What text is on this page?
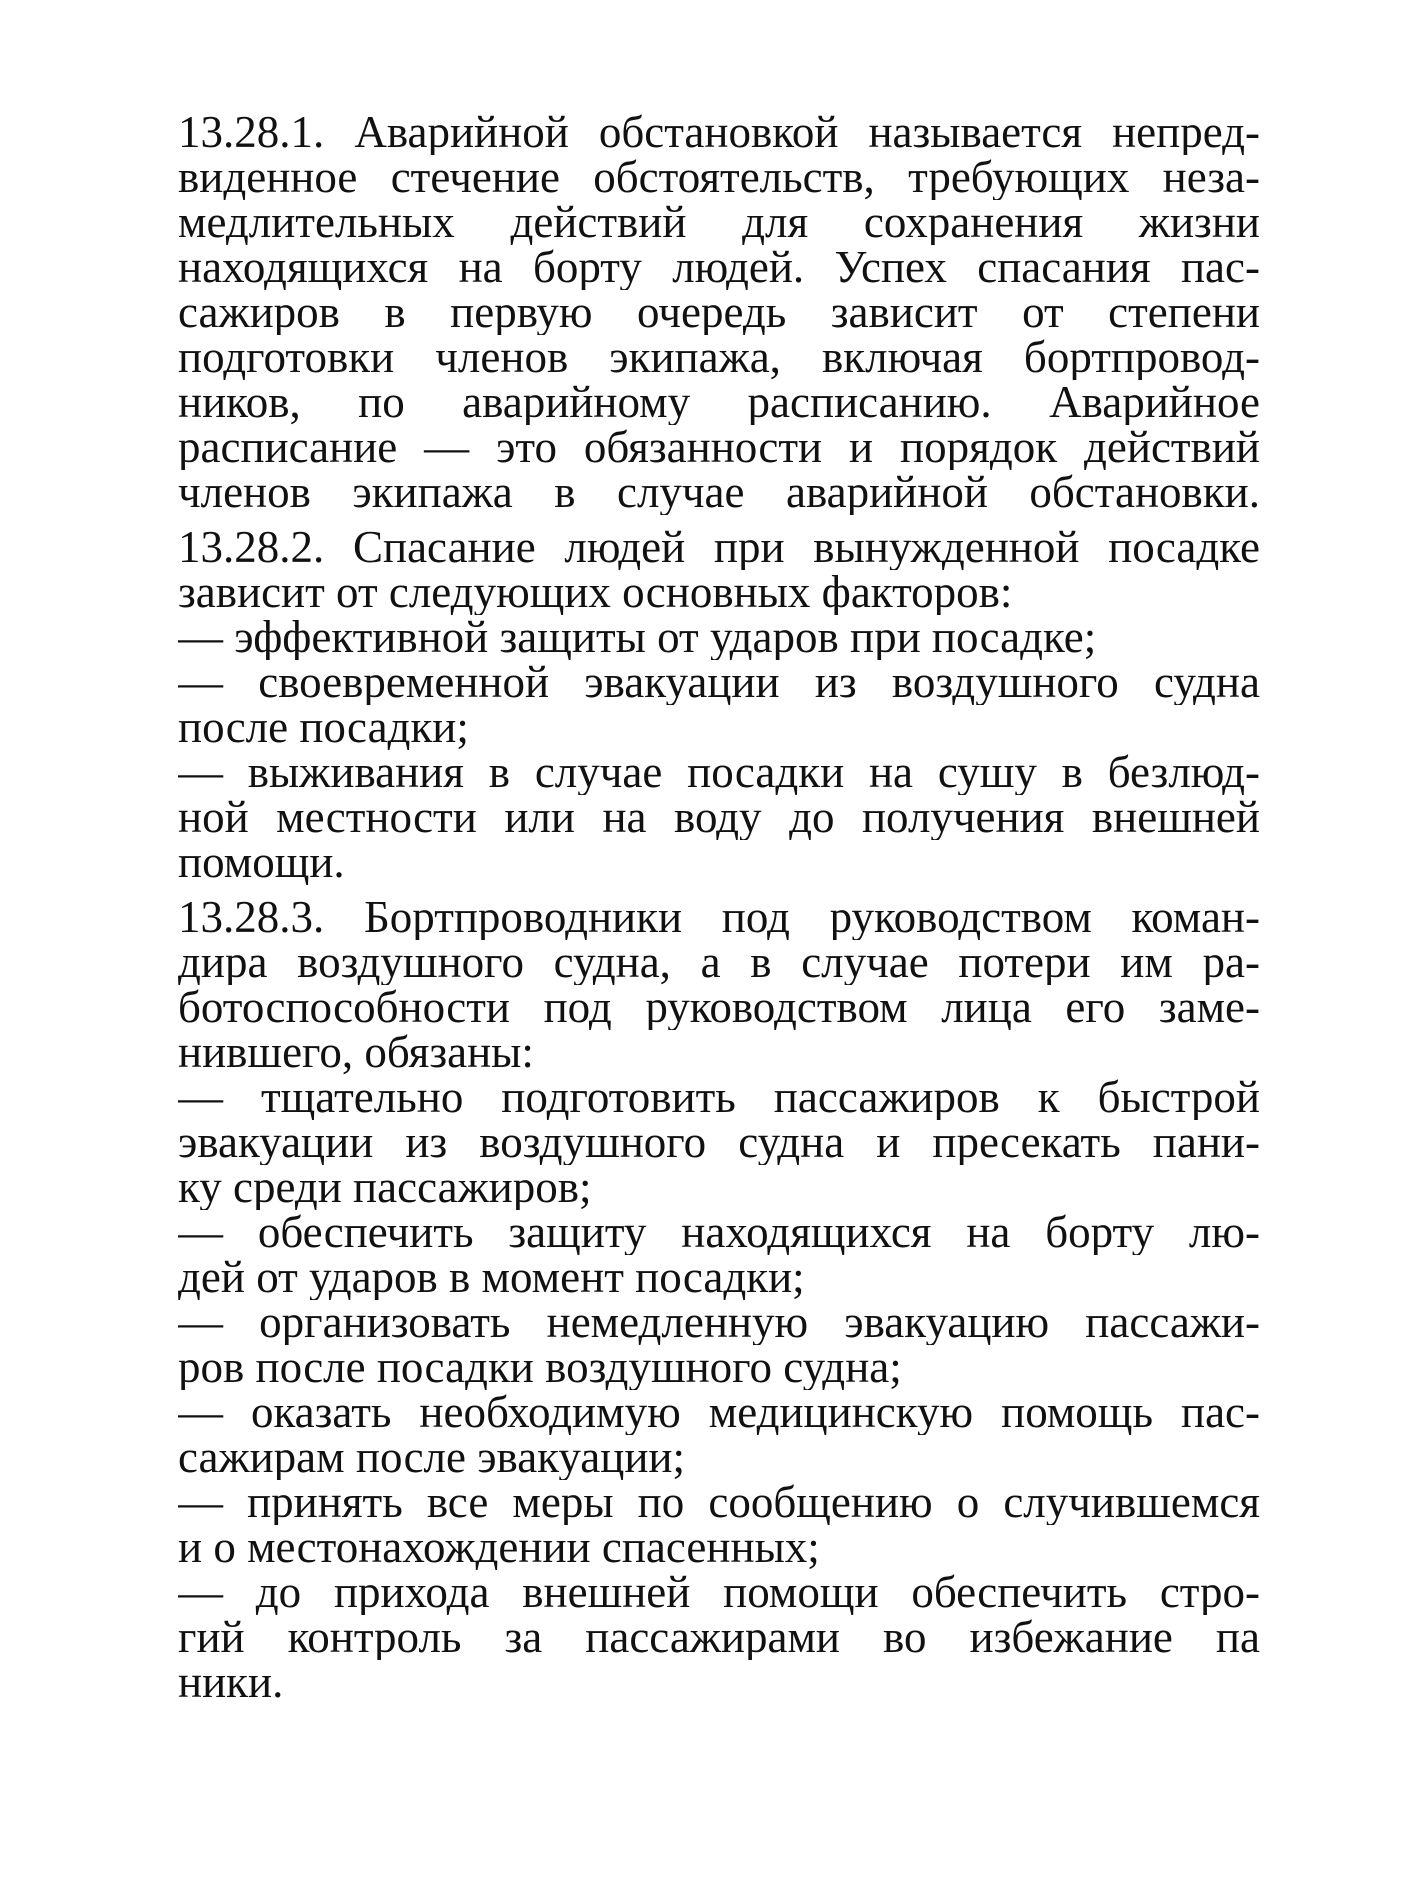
13.28.1. Аварийной обстановкой называется непред-
виденное стечение обстоятельств, требующих неза-
медлительных действий для сохранения жизни
находящихся на борту людей. Успех спасания пас-
сажиров в первую очередь зависит от степени
подготовки членов экипажа, включая бортпровод-
ников, по аварийному расписанию. Аварийное
расписание — это обязанности и порядок действий
членов экипажа в случае аварийной обстановки.
13.28.2. Спасание людей при вынужденной посадке
зависит от следующих основных факторов:
— эффективной защиты от ударов при посадке;
— своевременной эвакуации из воздушного судна
после посадки;
— выживания в случае посадки на сушу в безлюд-
ной местности или на воду до получения внешней
помощи.
13.28.3. Бортпроводники под руководством коман-
дира воздушного судна, а в случае потери им ра-
ботоспособности под руководством лица его заме-
нившего, обязаны:
— тщательно подготовить пассажиров к быстрой
эвакуации из воздушного судна и пресекать пани-
ку среди пассажиров;
— обеспечить защиту находящихся на борту лю-
дей от ударов в момент посадки;
— организовать немедленную эвакуацию пассажи-
ров после посадки воздушного судна;
— оказать необходимую медицинскую помощь пас-
сажирам после эвакуации;
— принять все меры по сообщению о случившемся
и о местонахождении спасенных;
— до прихода внешней помощи обеспечить стро-
гий контроль за пассажирами во избежание па
ники.
